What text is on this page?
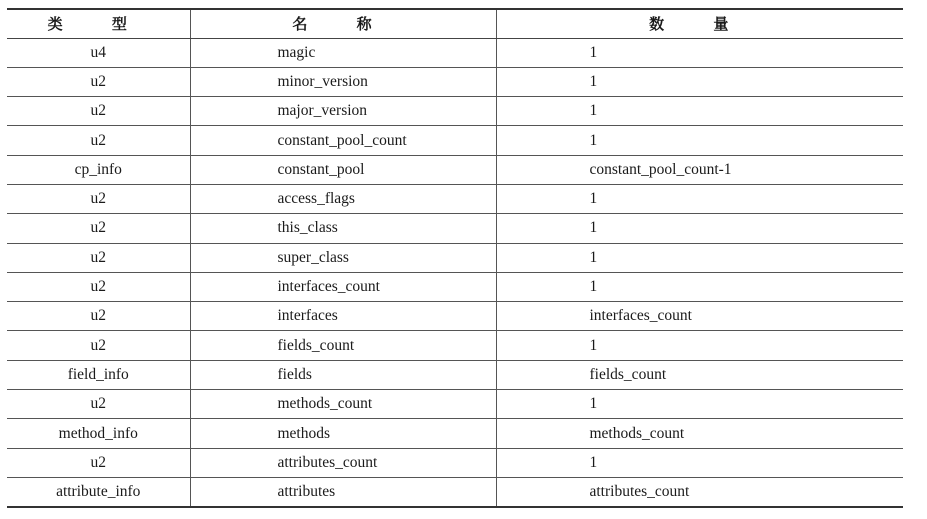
类 型	名 称	数 量
u4	magic	1
u2	minor_version	1
u2	major_version	1
u2	constant_pool_count	1
cp_info	constant_pool	constant_pool_count-1
u2	access_flags	1
u2	this_class	1
u2	super_class	1
u2	interfaces_count	1
u2	interfaces	interfaces_count
u2	fields_count	1
field_info	fields	fields_count
u2	methods_count	1
method_info	methods	methods_count
u2	attributes_count	1
attribute_info	attributes	attributes_count
